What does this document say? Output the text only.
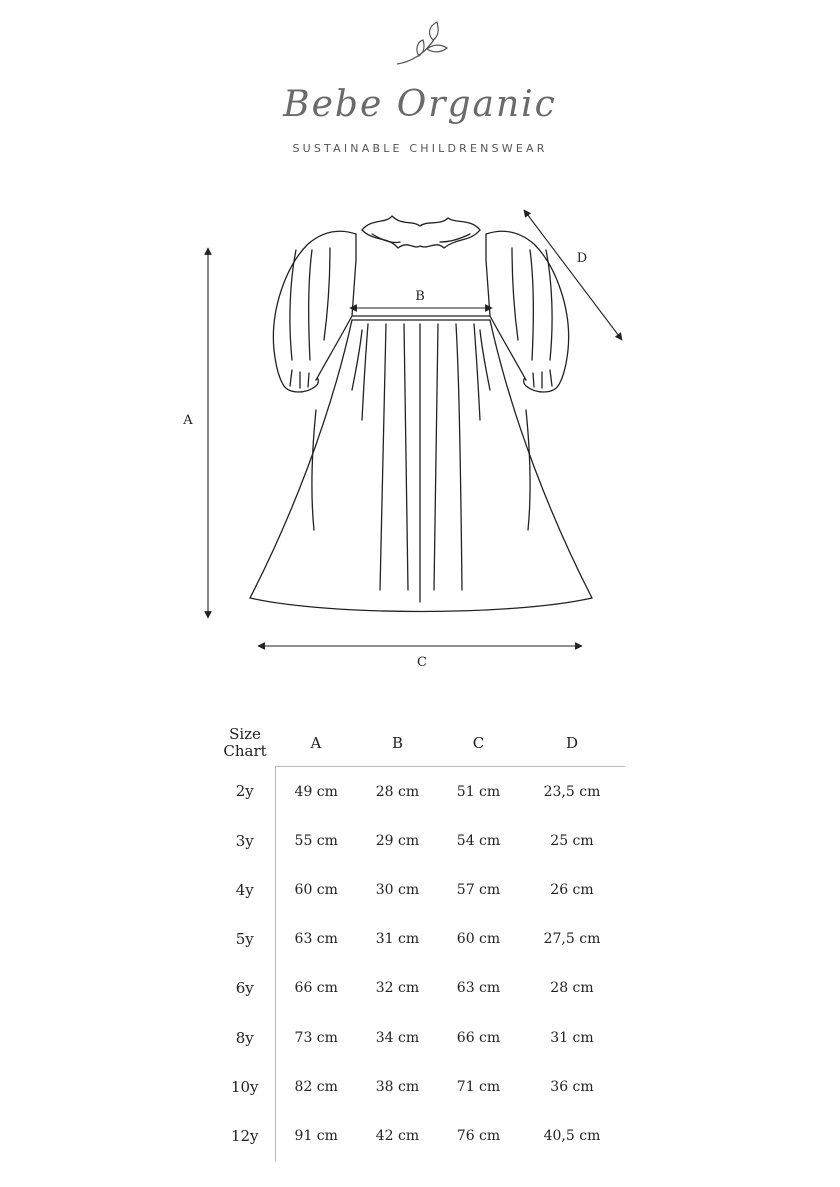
Bebe Organic
SUSTAINABLE CHILDRENSWEAR
A
B
C
D
Size
Chart	A	B	C	D
2y	49 cm	28 cm	51 cm	23,5 cm
3y	55 cm	29 cm	54 cm	25 cm
4y	60 cm	30 cm	57 cm	26 cm
5y	63 cm	31 cm	60 cm	27,5 cm
6y	66 cm	32 cm	63 cm	28 cm
8y	73 cm	34 cm	66 cm	31 cm
10y	82 cm	38 cm	71 cm	36 cm
12y	91 cm	42 cm	76 cm	40,5 cm
